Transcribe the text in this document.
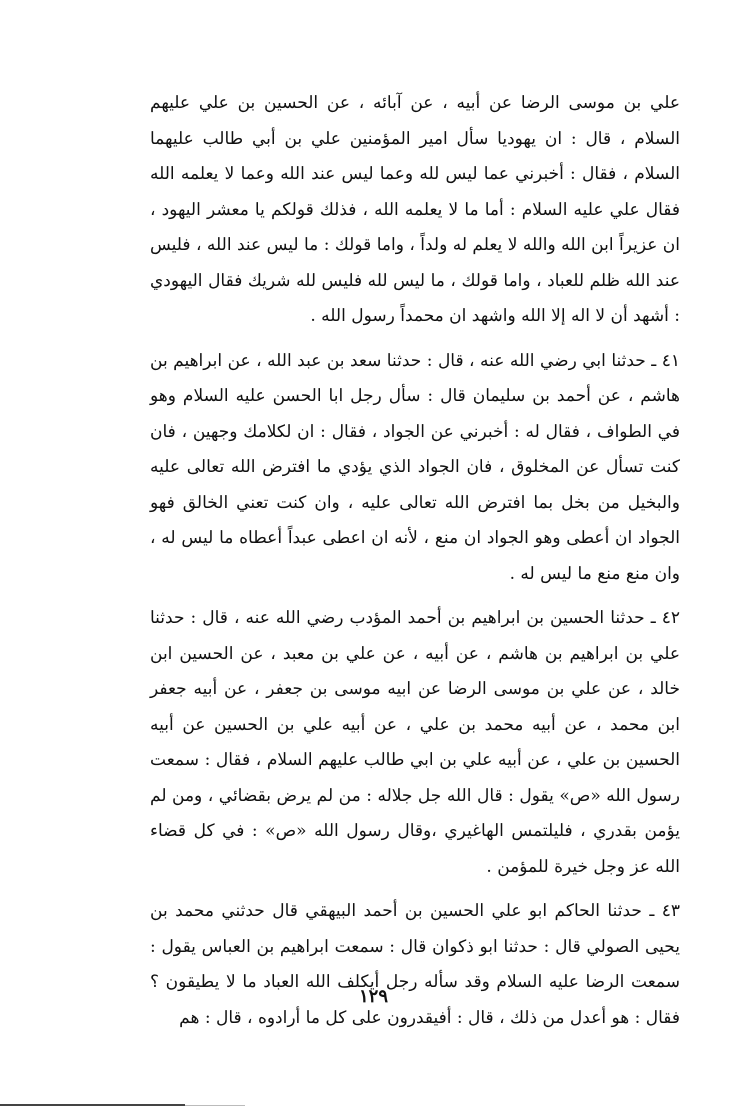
علي بن موسى الرضا عن أبيه ، عن آبائه ، عن الحسين بن علي عليهم السلام ، قال : ان يهوديا سأل امير المؤمنين علي بن أبي طالب عليهما السلام ، فقال : أخبرني عما ليس لله وعما ليس عند الله وعما لا يعلمه الله فقال علي عليه السلام : أما ما لا يعلمه الله ، فذلك قولكم يا معشر اليهود ، ان عزيراً ابن الله والله لا يعلم له ولداً ، واما قولك : ما ليس عند الله ، فليس عند الله ظلم للعباد ، واما قولك ، ما ليس لله فليس لله شريك فقال اليهودي : أشهد أن لا اله إلا الله واشهد ان محمداً رسول الله .

٤١ ـ حدثنا ابي رضي الله عنه ، قال : حدثنا سعد بن عبد الله ، عن ابراهيم بن هاشم ، عن أحمد بن سليمان قال : سأل رجل ابا الحسن عليه السلام وهو في الطواف ، فقال له : أخبرني عن الجواد ، فقال : ان لكلامك وجهين ، فان كنت تسأل عن المخلوق ، فان الجواد الذي يؤدي ما افترض الله تعالى عليه والبخيل من بخل بما افترض الله تعالى عليه ، وان كنت تعني الخالق فهو الجواد ان أعطى وهو الجواد ان منع ، لأنه ان اعطى عبداً أعطاه ما ليس له ، وان منع منع ما ليس له .

٤٢ ـ حدثنا الحسين بن ابراهيم بن أحمد المؤدب رضي الله عنه ، قال : حدثنا علي بن ابراهيم بن هاشم ، عن أبيه ، عن علي بن معبد ، عن الحسين ابن خالد ، عن علي بن موسى الرضا عن ابيه موسى بن جعفر ، عن أبيه جعفر ابن محمد ، عن أبيه محمد بن علي ، عن أبيه علي بن الحسين عن أبيه الحسين بن علي ، عن أبيه علي بن ابي طالب عليهم السلام ، فقال : سمعت رسول الله «ص» يقول : قال الله جل جلاله : من لم يرض بقضائي ، ومن لم يؤمن بقدري ، فليلتمس الهاغيري ،وقال رسول الله «ص» : في كل قضاء الله عز وجل خيرة للمؤمن .

٤٣ ـ حدثنا الحاكم ابو علي الحسين بن أحمد البيهقي قال حدثني محمد بن يحيى الصولي قال : حدثنا ابو ذكوان قال : سمعت ابراهيم بن العباس يقول : سمعت الرضا عليه السلام وقد سأله رجل أيكلف الله العباد ما لا يطيقون ؟ فقال : هو أعدل من ذلك ، قال : أفيقدرون على كل ما أرادوه ، قال : هم

١٢٩
